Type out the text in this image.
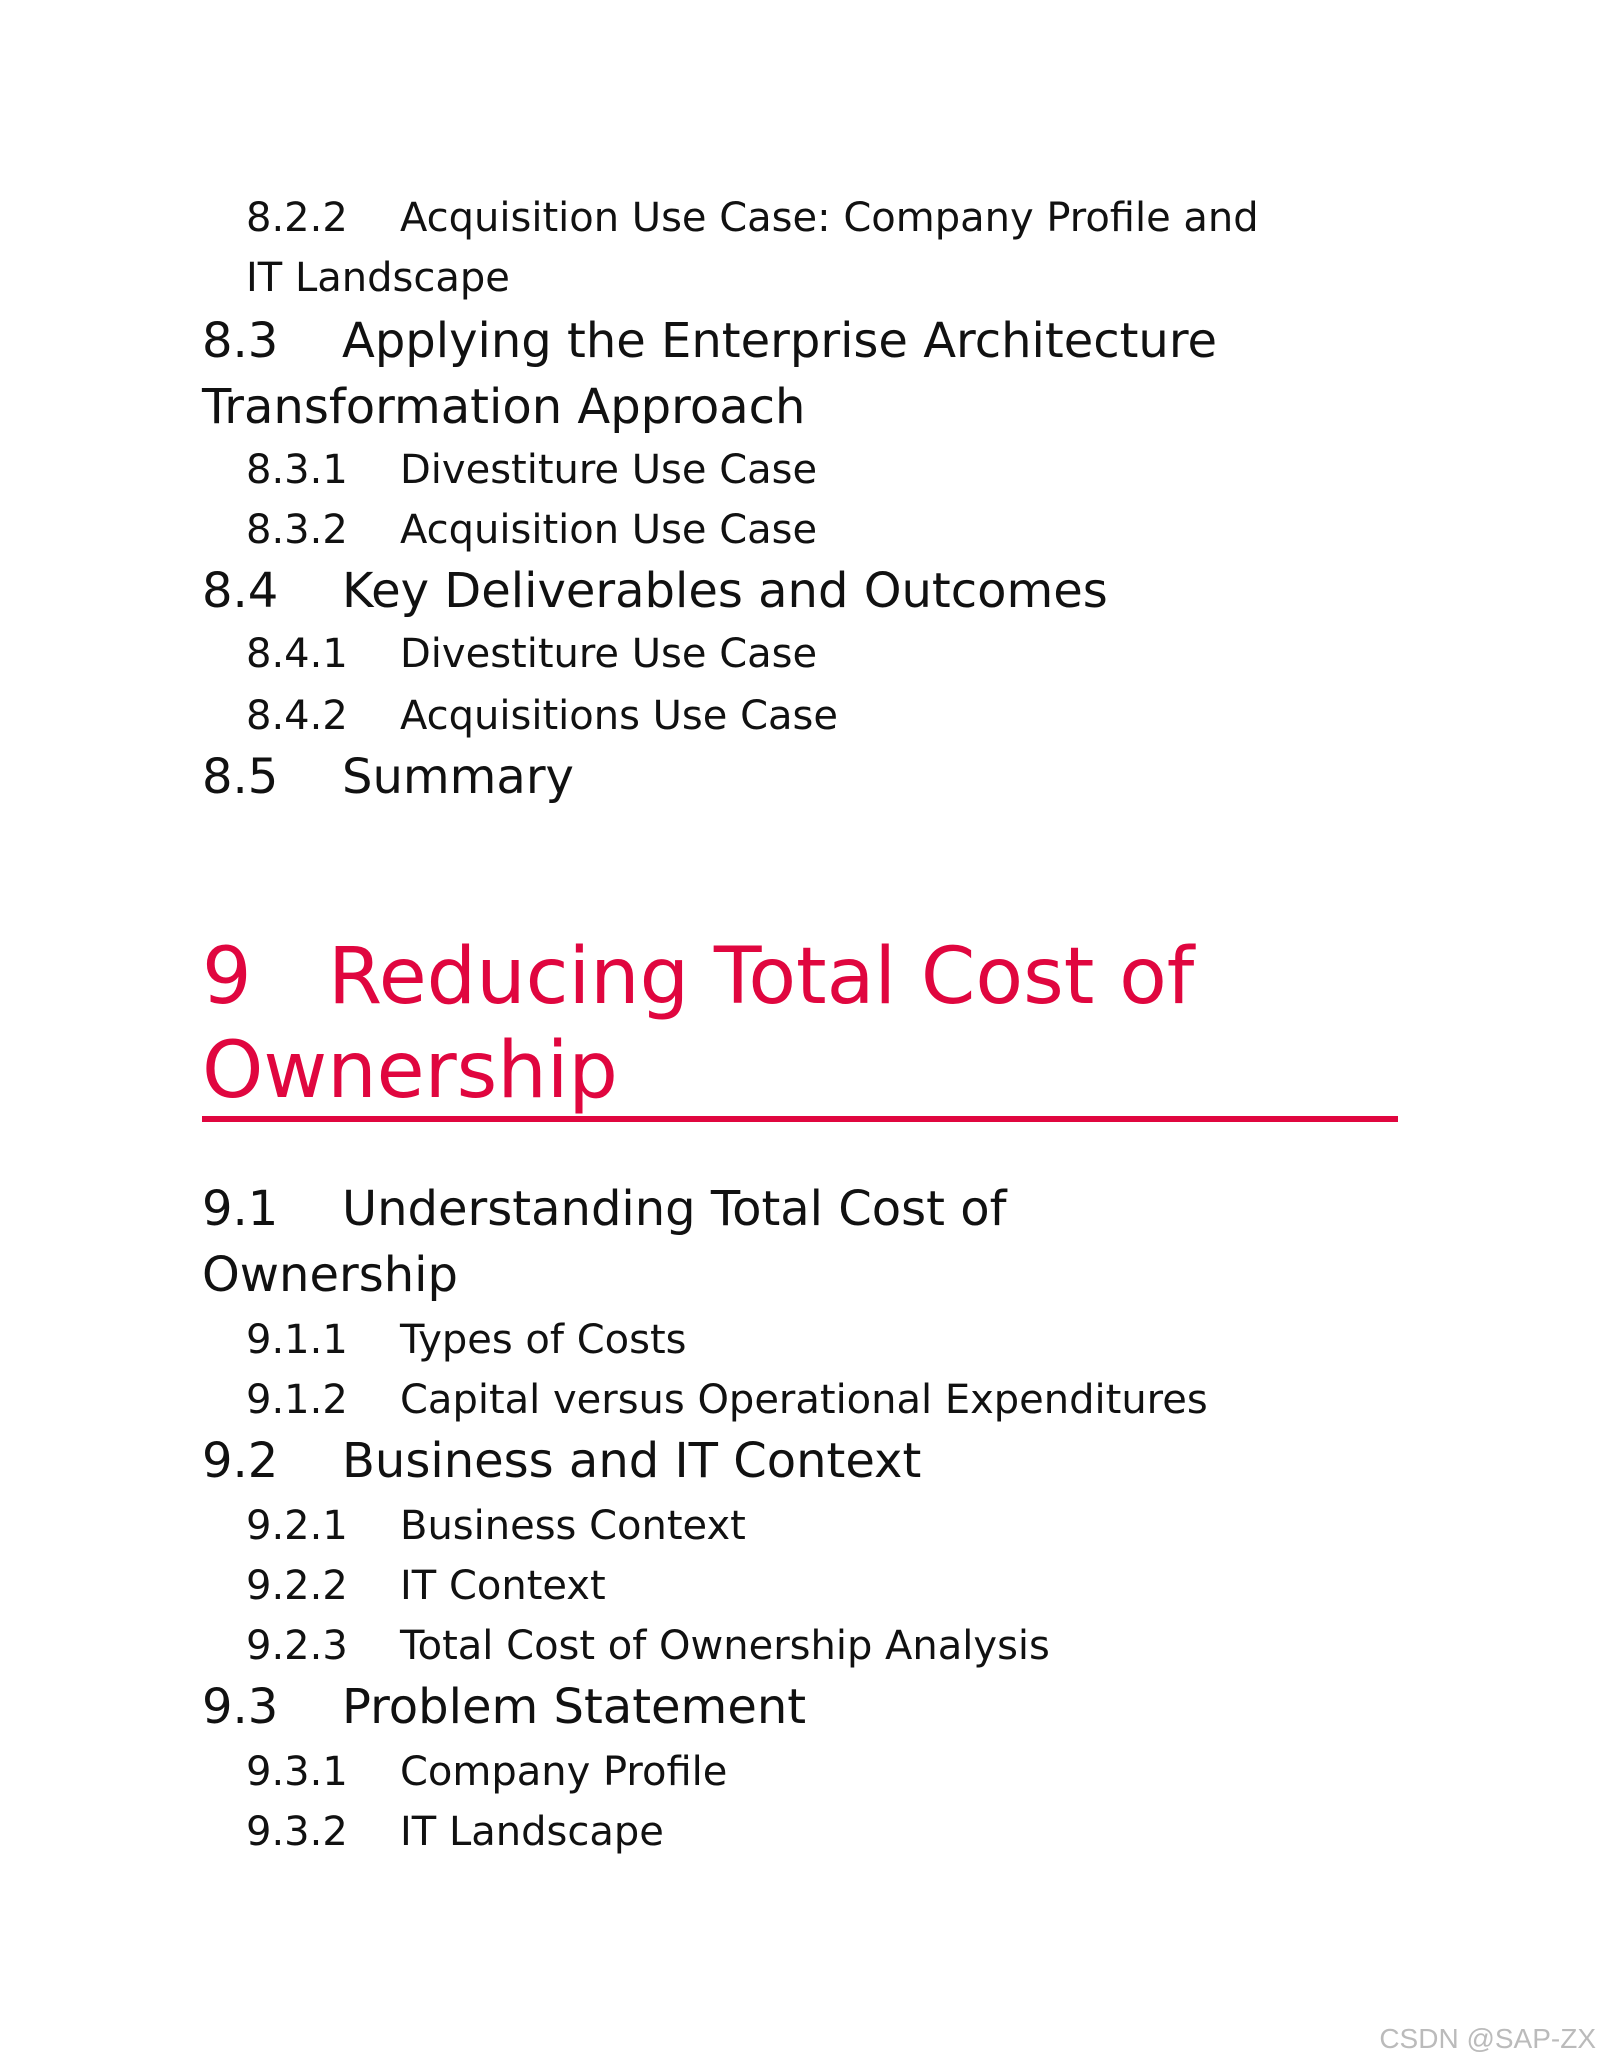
8.2.2 Acquisition Use Case: Company Profile and
IT Landscape
8.3 Applying the Enterprise Architecture
Transformation Approach
8.3.1 Divestiture Use Case
8.3.2 Acquisition Use Case
8.4 Key Deliverables and Outcomes
8.4.1 Divestiture Use Case
8.4.2 Acquisitions Use Case
8.5 Summary
9 Reducing Total Cost of
Ownership
9.1 Understanding Total Cost of
Ownership
9.1.1 Types of Costs
9.1.2 Capital versus Operational Expenditures
9.2 Business and IT Context
9.2.1 Business Context
9.2.2 IT Context
9.2.3 Total Cost of Ownership Analysis
9.3 Problem Statement
9.3.1 Company Profile
9.3.2 IT Landscape
CSDN @SAP-ZX
